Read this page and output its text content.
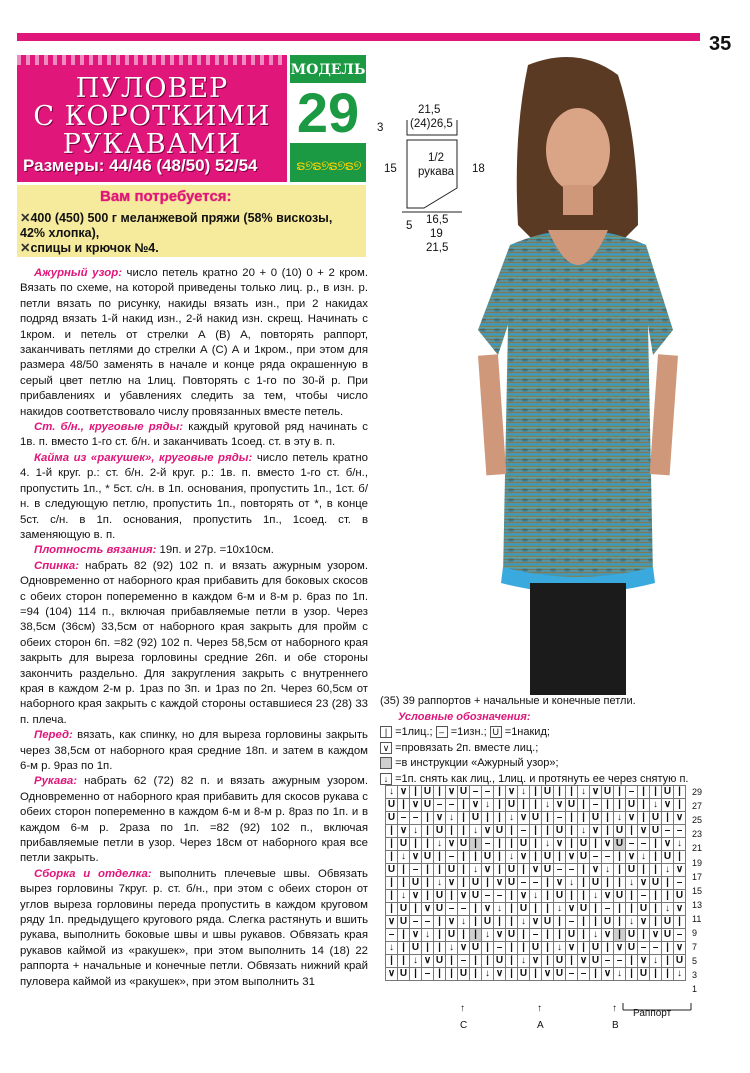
35
ПУЛОВЕР
С КОРОТКИМИ
РУКАВАМИ
Размеры: 44/46 (48/50) 52/54
МОДЕЛЬ
29
ຣ୭ຣ୭ຣ୭ຣ୭
Вам потребуется:
✕400 (450) 500 г меланжевой пряжи (58% вискозы,
42% хлопка),
✕спицы и крючок №4.
21,5
(24)26,5
3
15	18
1/2
рукава
5 16,5
19
21,5

Ажурный узор: число петель кратно 20 + 0 (10) 0 + 2 кром. Вязать по схеме, на которой приведены только лиц. р., в изн. р. петли вязать по рисунку, накиды вязать изн., при 2 накидах подряд вязать 1-й накид изн., 2-й накид изн. скрещ. Начинать с 1кром. и петель от стрелки А (В) А, повторять раппорт, заканчивать петлями до стрелки А (С) А и 1кром., при этом для размера 48/50 заменять в начале и конце ряда окрашенную в серый цвет петлю на 1лиц. Повторять с 1-го по 30-й р. При прибавлениях и убавлениях следить за тем, чтобы число накидов соответствовало числу провязанных вместе петель.

Ст. б/н., круговые ряды: каждый круговой ряд начинать с 1в. п. вместо 1-го ст. б/н. и заканчивать 1соед. ст. в эту в. п.

Кайма из «ракушек», круговые ряды: число петель кратно 4. 1-й круг. р.: ст. б/н. 2-й круг. р.: 1в. п. вместо 1-го ст. б/н., пропустить 1п., * 5ст. с/н. в 1п. основания, пропустить 1п., 1ст. б/н. в следующую петлю, пропустить 1п., повторять от *, в конце 5ст. с/н. в 1п. основания, пропустить 1п., 1соед. ст. в заменяющую в. п.

Плотность вязания: 19п. и 27р. =10x10см.

Спинка: набрать 82 (92) 102 п. и вязать ажурным узором. Одновременно от наборного края прибавить для боковых скосов с обеих сторон попеременно в каждом 6-м и 8-м р. 6раз по 1п. =94 (104) 114 п., включая прибавляемые петли в узор. Через 38,5см (36см) 33,5см от наборного края закрыть для пройм с обеих сторон 6п. =82 (92) 102 п. Через 58,5см от наборного края закрыть для выреза горловины средние 26п. и обе стороны закончить раздельно. Для закругления закрыть с внутреннего края в каждом 2-м р. 1раз по 3п. и 1раз по 2п. Через 60,5см от наборного края закрыть с каждой стороны оставшиеся 23 (28) 33 п. плеча.

Перед: вязать, как спинку, но для выреза горловины закрыть через 38,5см от наборного края средние 18п. и затем в каждом 6-м р. 9раз по 1п.

Рукава: набрать 62 (72) 82 п. и вязать ажурным узором. Одновременно от наборного края прибавить для скосов рукава с обеих сторон попеременно в каждом 6-м и 8-м р. 8раз по 1п. и в каждом 6-м р. 2раза по 1п. =82 (92) 102 п., включая прибавляемые петли в узор. Через 18см от наборного края все петли закрыть.

Сборка и отделка: выполнить плечевые швы. Обвязать вырез горловины 7круг. р. ст. б/н., при этом с обеих сторон от углов выреза горловины переда пропустить в каждом круговом ряду 1п. предыдущего кругового ряда. Слегка растянуть и вшить рукава, выполнить боковые швы и швы рукавов. Обвязать края рукавов каймой из «ракушек», при этом выполнить 14 (18) 22 раппорта + начальные и конечные петли. Обвязать нижний край пуловера каймой из «ракушек», при этом выполнить 31

(35) 39 раппортов + начальные и конечные петли.
Условные обозначения:
| =1лиц.; – =1изн.; U =1накид;
∨ =провязать 2п. вместе лиц.;
=в инструкции «Ажурный узор»;
↓ =1п. снять как лиц., 1лиц. и протянуть ее через снятую п.
↓	∨	|	U	|	∨	U	–	–	|	∨	↓	|	U	|	|	↓	∨	U	|	–	|	|	U	|
U	|	∨	U	–	–	|	∨	↓	|	U	|	|	↓	∨	U	|	–	|	|	U	|	↓	∨	|
U	–	–	|	∨	↓	|	U	|	|	↓	∨	U	|	–	|	|	U	|	↓	∨	|	U	|	∨
|	∨	↓	|	U	|	|	↓	∨	U	|	–	|	|	U	|	↓	∨	|	U	|	∨	U	–	–
|	U	|	|	↓	∨	U	|	–	|	|	U	|	↓	∨	|	U	|	∨	U	–	–	|	∨	↓
|	↓	∨	U	|	–	|	|	U	|	↓	∨	|	U	|	∨	U	–	–	|	∨	↓	|	U	|
U	|	–	|	|	U	|	↓	∨	|	U	|	∨	U	–	–	|	∨	↓	|	U	|	|	↓	∨
|	|	U	|	↓	∨	|	U	|	∨	U	–	–	|	∨	↓	|	U	|	|	↓	∨	U	|	–
|	↓	∨	|	U	|	∨	U	–	–	|	∨	↓	|	U	|	|	↓	∨	U	|	–	|	|	U
|	U	|	∨	U	–	–	|	∨	↓	|	U	|	|	↓	∨	U	|	–	|	|	U	|	↓	∨
∨	U	–	–	|	∨	↓	|	U	|	|	↓	∨	U	|	–	|	|	U	|	↓	∨	|	U	|
–	|	∨	↓	|	U	|	|	↓	∨	U	|	–	|	|	U	|	↓	∨	|	U	|	∨	U	–
↓	|	U	|	|	↓	∨	U	|	–	|	|	U	|	↓	∨	|	U	|	∨	U	–	–	|	∨
|	|	↓	∨	U	|	–	|	|	U	|	↓	∨	|	U	|	∨	U	–	–	|	∨	↓	|	U
∨	U	|	–	|	|	U	|	↓	∨	|	U	|	∨	U	–	–	|	∨	↓	|	U	|	|	↓
29
27
25
23
21
19
17
15
13
11
9
7
5
3
1
↑	↑	↑
C	A	B
Раппорт
